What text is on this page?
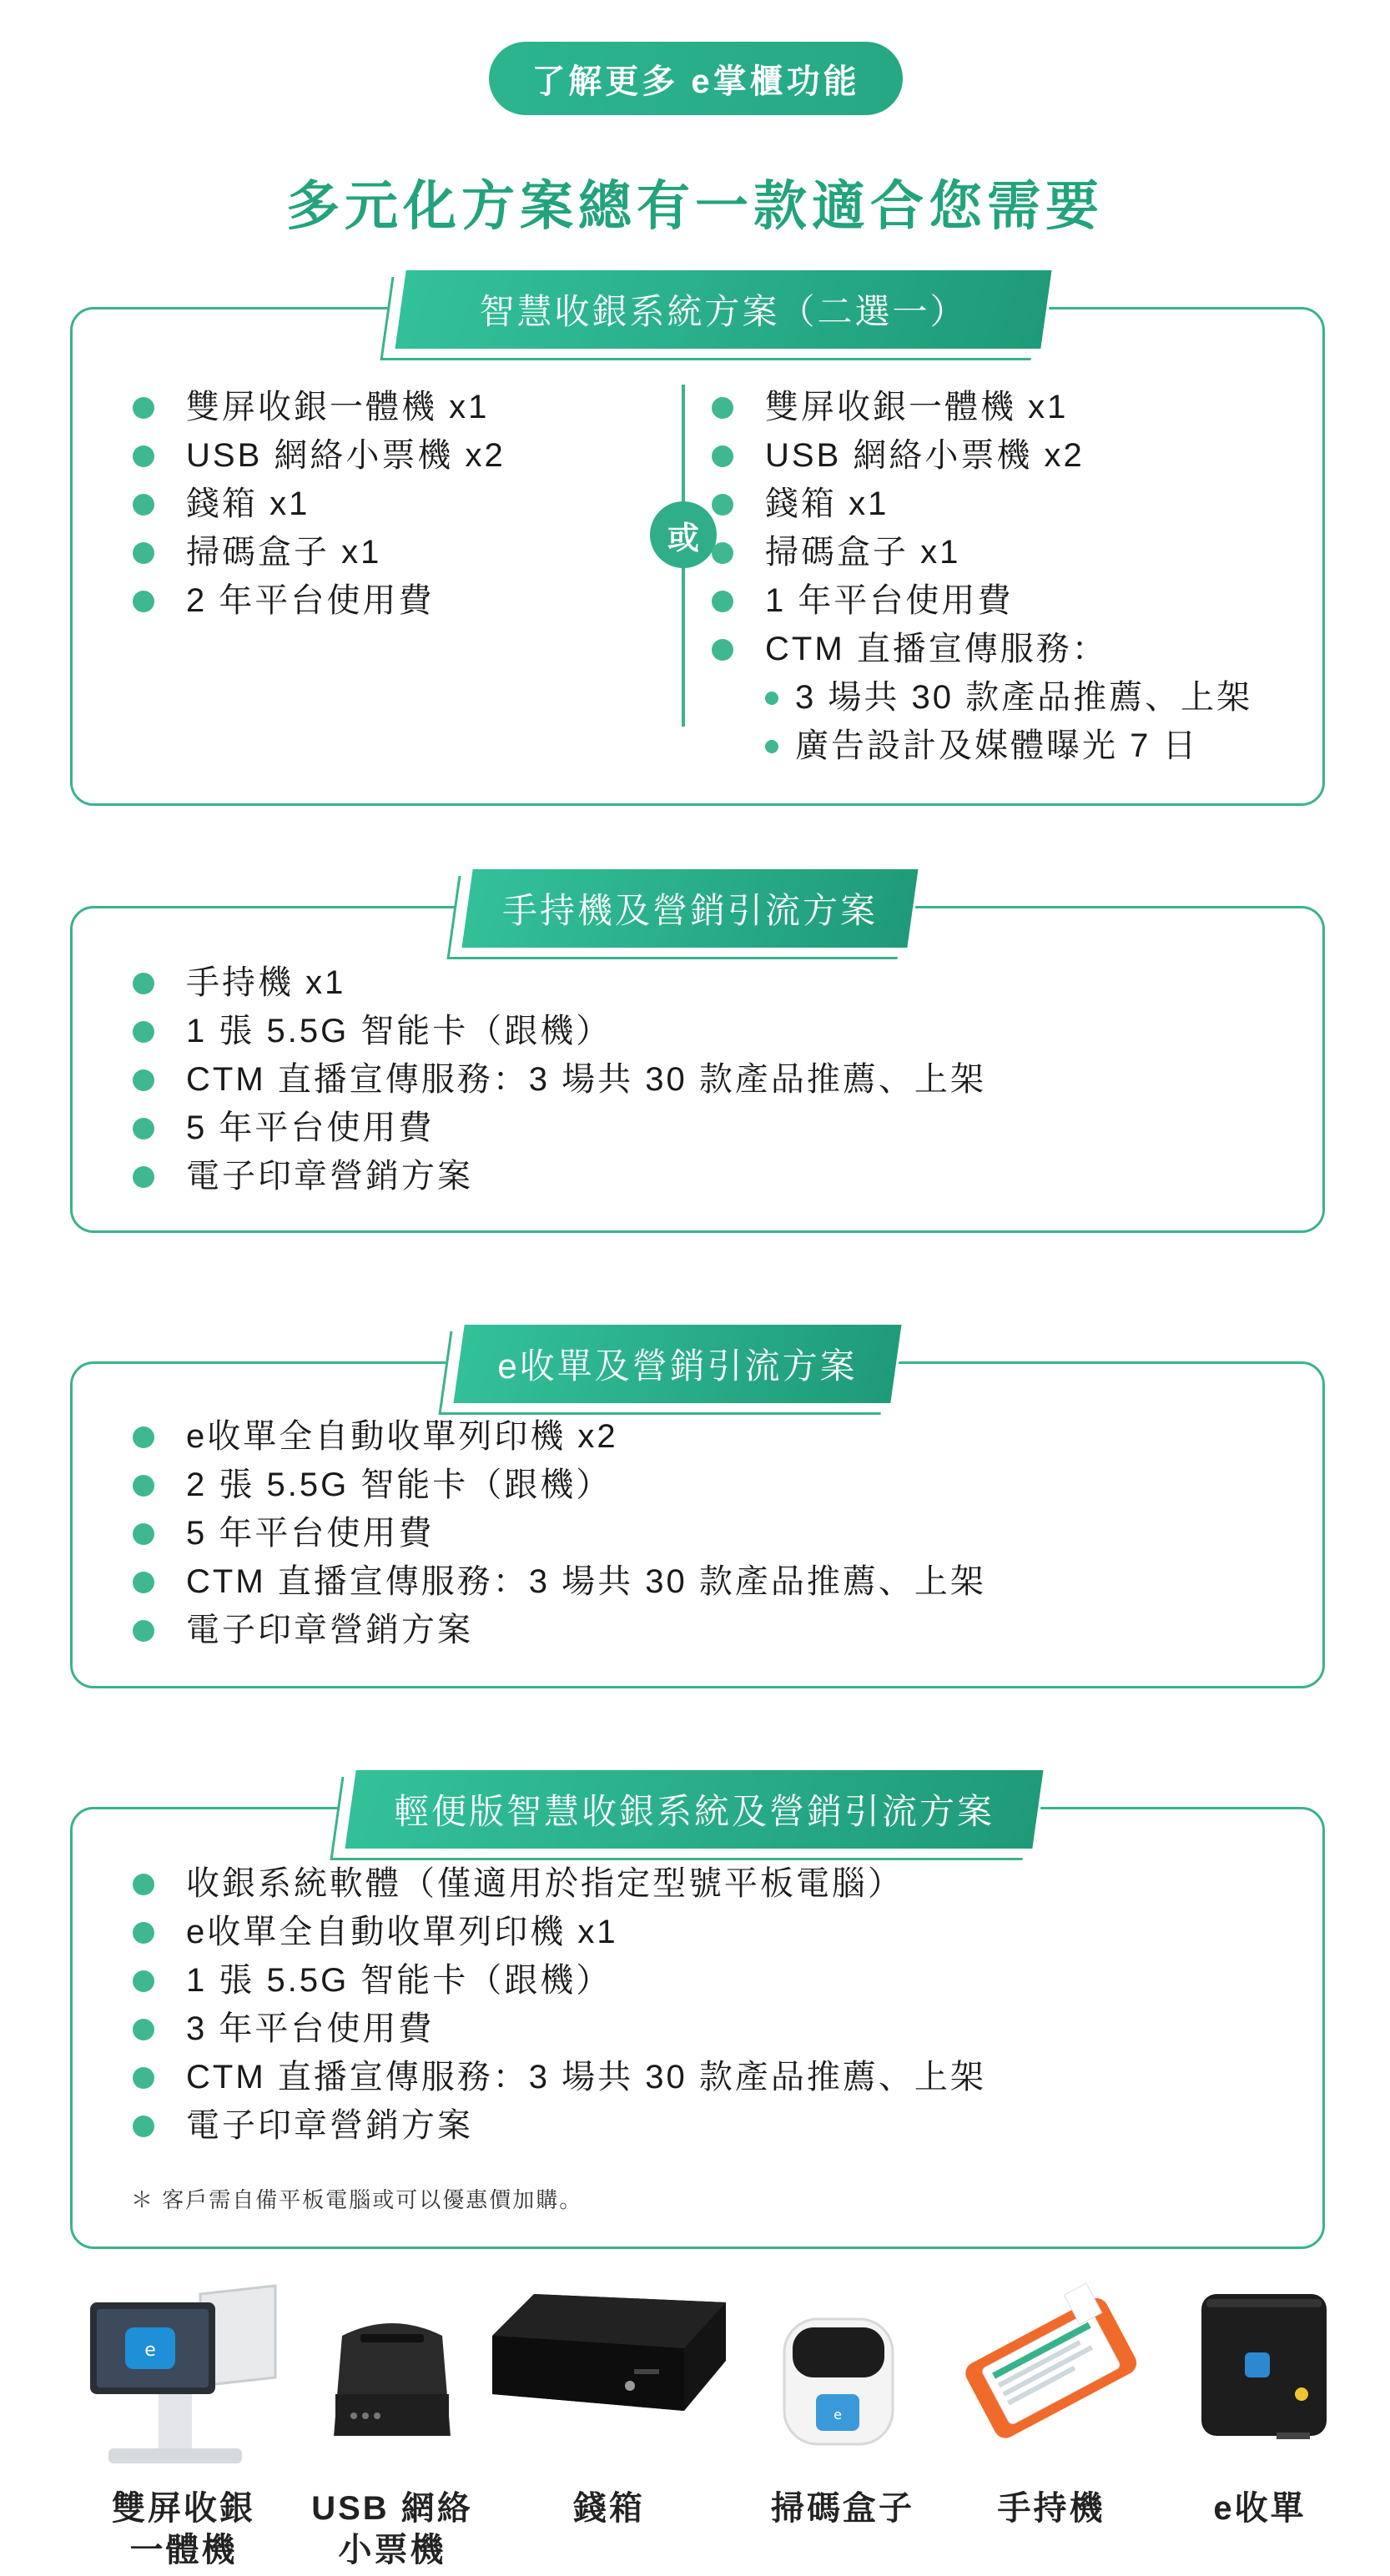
了解更多 e掌櫃功能
多元化方案總有一款適合您需要
智慧收銀系統方案（二選一）
雙屏收銀一體機 x1
USB 網絡小票機 x2
錢箱 x1
掃碼盒子 x1
2 年平台使用費
或
雙屏收銀一體機 x1
USB 網絡小票機 x2
錢箱 x1
掃碼盒子 x1
1 年平台使用費
CTM 直播宣傳服務：
3 場共 30 款產品推薦、上架
廣告設計及媒體曝光 7 日
手持機及營銷引流方案
手持機 x1
1 張 5.5G 智能卡（跟機）
CTM 直播宣傳服務：3 場共 30 款產品推薦、上架
5 年平台使用費
電子印章營銷方案
e收單及營銷引流方案
e收單全自動收單列印機 x2
2 張 5.5G 智能卡（跟機）
5 年平台使用費
CTM 直播宣傳服務：3 場共 30 款產品推薦、上架
電子印章營銷方案
輕便版智慧收銀系統及營銷引流方案
收銀系統軟體（僅適用於指定型號平板電腦）
e收單全自動收單列印機 x1
1 張 5.5G 智能卡（跟機）
3 年平台使用費
CTM 直播宣傳服務：3 場共 30 款產品推薦、上架
電子印章營銷方案
＊ 客戶需自備平板電腦或可以優惠價加購。
e
雙屏收銀
一體機
USB 網絡
小票機
錢箱
e
掃碼盒子	手持機	e收單
